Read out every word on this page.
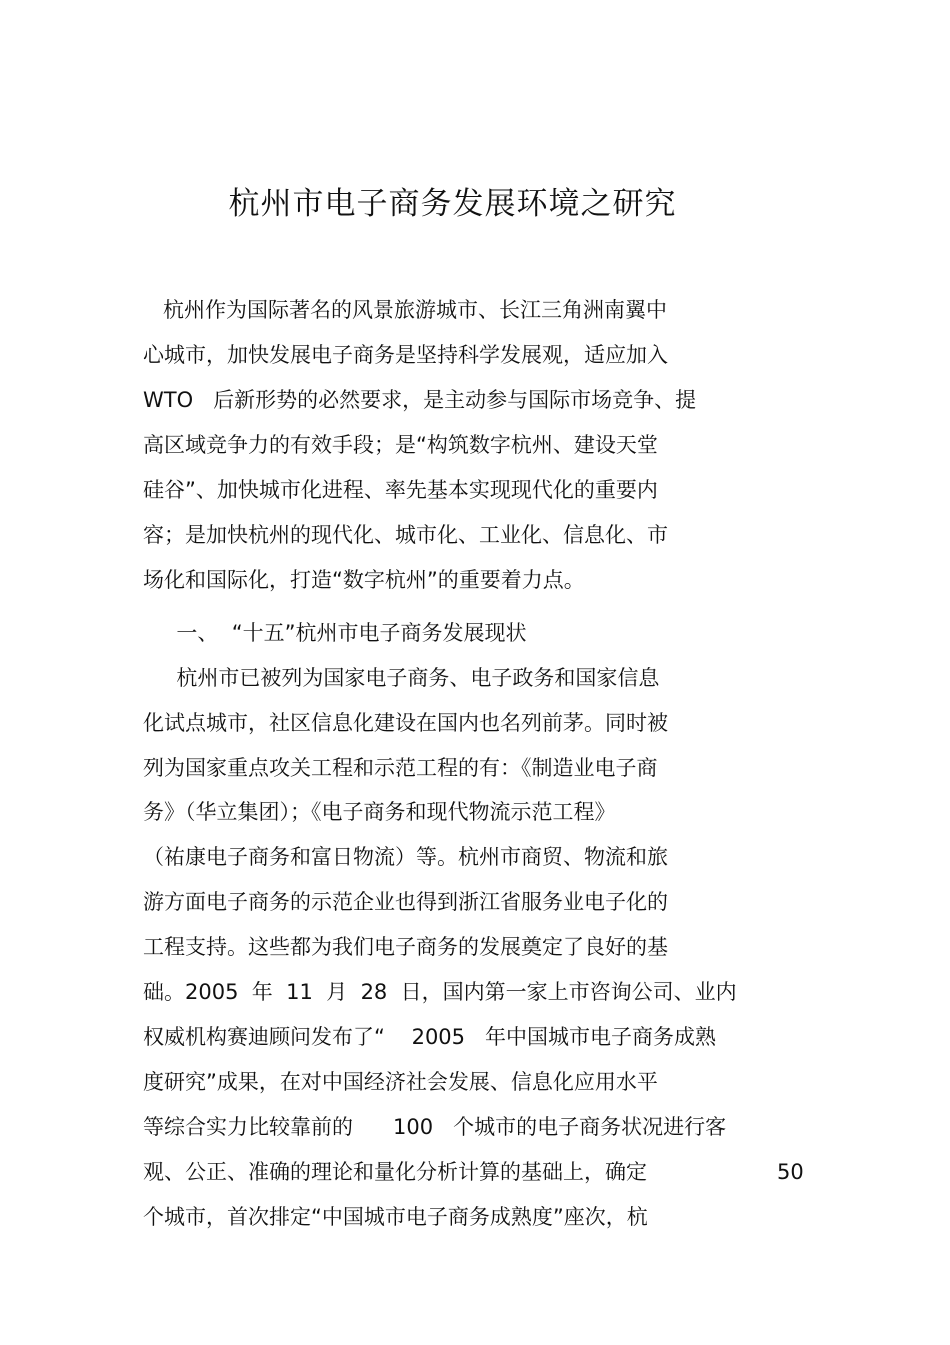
杭州市电子商务发展环境之研究
杭州作为国际著名的风景旅游城市、长江三角洲南翼中
心城市，加快发展电子商务是坚持科学发展观，适应加入
WTO   后新形势的必然要求，是主动参与国际市场竞争、提
高区域竞争力的有效手段；是“构筑数字杭州、建设天堂
硅谷”、加快城市化进程、率先基本实现现代化的重要内
容；是加快杭州的现代化、城市化、工业化、信息化、市
场化和国际化，打造“数字杭州”的重要着力点。
一、  “十五”杭州市电子商务发展现状
杭州市已被列为国家电子商务、电子政务和国家信息
化试点城市，社区信息化建设在国内也名列前茅。同时被
列为国家重点攻关工程和示范工程的有：《制造业电子商
务》（华立集团）；《电子商务和现代物流示范工程》
（祐康电子商务和富日物流）等。杭州市商贸、物流和旅
游方面电子商务的示范企业也得到浙江省服务业电子化的
工程支持。这些都为我们电子商务的发展奠定了良好的基
础。2005  年  11  月  28  日，国内第一家上市咨询公司、业内
权威机构赛迪顾问发布了“    2005   年中国城市电子商务成熟
度研究”成果，在对中国经济社会发展、信息化应用水平
等综合实力比较靠前的      100   个城市的电子商务状况进行客
观、公正、准确的理论和量化分析计算的基础上，确定	50
个城市，首次排定“中国城市电子商务成熟度”座次，杭
